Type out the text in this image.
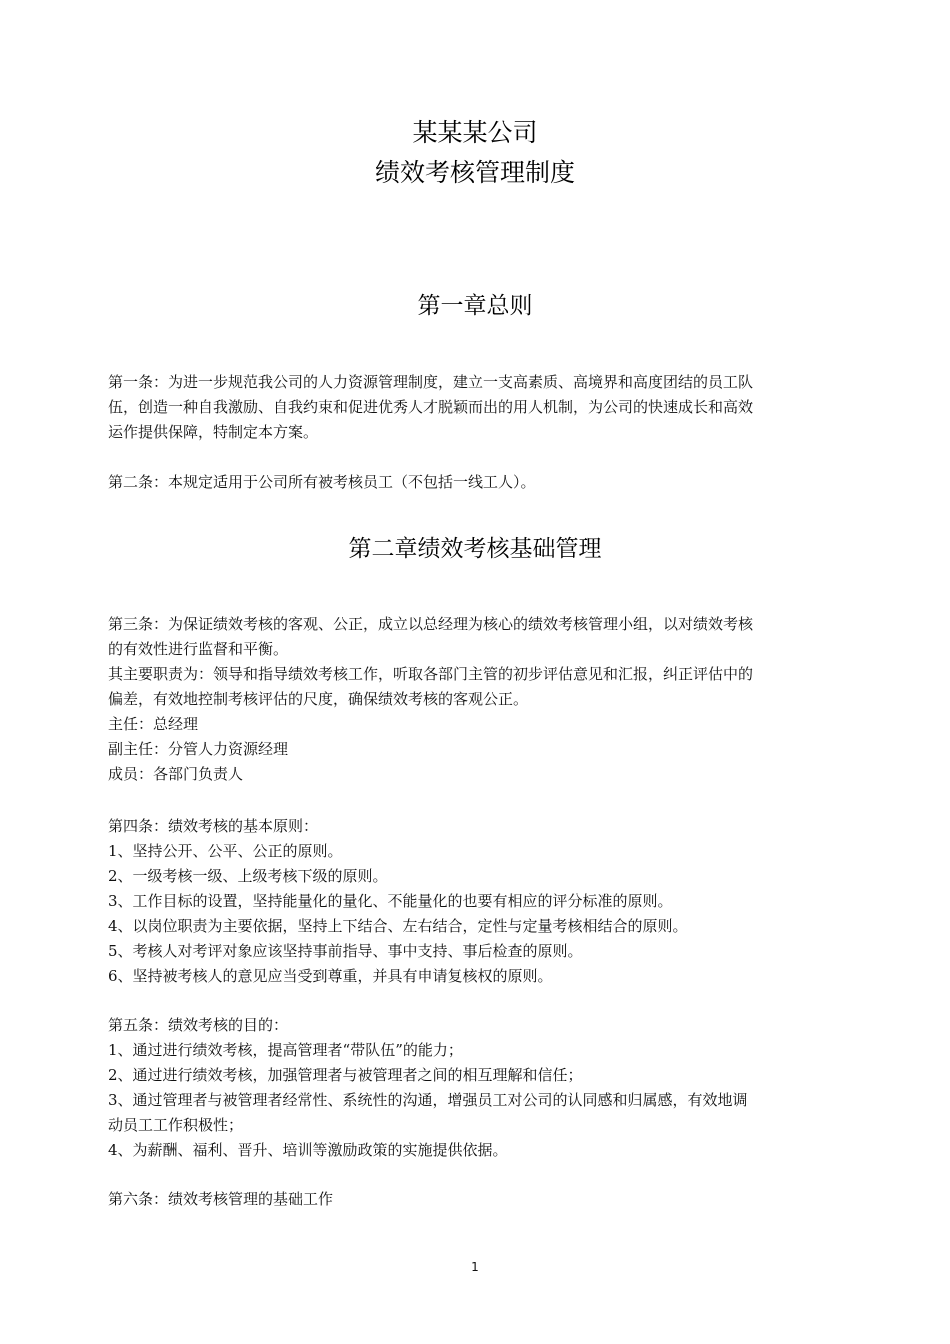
某某某公司
绩效考核管理制度
第一章总则
第一条：为进一步规范我公司的人力资源管理制度，建立一支高素质、高境界和高度团结的员工队
伍，创造一种自我激励、自我约束和促进优秀人才脱颖而出的用人机制，为公司的快速成长和高效
运作提供保障，特制定本方案。
第二条：本规定适用于公司所有被考核员工（不包括一线工人）。
第二章绩效考核基础管理
第三条：为保证绩效考核的客观、公正，成立以总经理为核心的绩效考核管理小组，以对绩效考核
的有效性进行监督和平衡。
其主要职责为：领导和指导绩效考核工作，听取各部门主管的初步评估意见和汇报，纠正评估中的
偏差，有效地控制考核评估的尺度，确保绩效考核的客观公正。
主任：总经理
副主任：分管人力资源经理
成员：各部门负责人
第四条：绩效考核的基本原则：
1、坚持公开、公平、公正的原则。
2、一级考核一级、上级考核下级的原则。
3、工作目标的设置，坚持能量化的量化、不能量化的也要有相应的评分标准的原则。
4、以岗位职责为主要依据，坚持上下结合、左右结合，定性与定量考核相结合的原则。
5、考核人对考评对象应该坚持事前指导、事中支持、事后检查的原则。
6、坚持被考核人的意见应当受到尊重，并具有申请复核权的原则。
第五条：绩效考核的目的：
1、通过进行绩效考核，提高管理者“带队伍”的能力；
2、通过进行绩效考核，加强管理者与被管理者之间的相互理解和信任；
3、通过管理者与被管理者经常性、系统性的沟通，增强员工对公司的认同感和归属感，有效地调
动员工工作积极性；
4、为薪酬、福利、晋升、培训等激励政策的实施提供依据。
第六条：绩效考核管理的基础工作
1
